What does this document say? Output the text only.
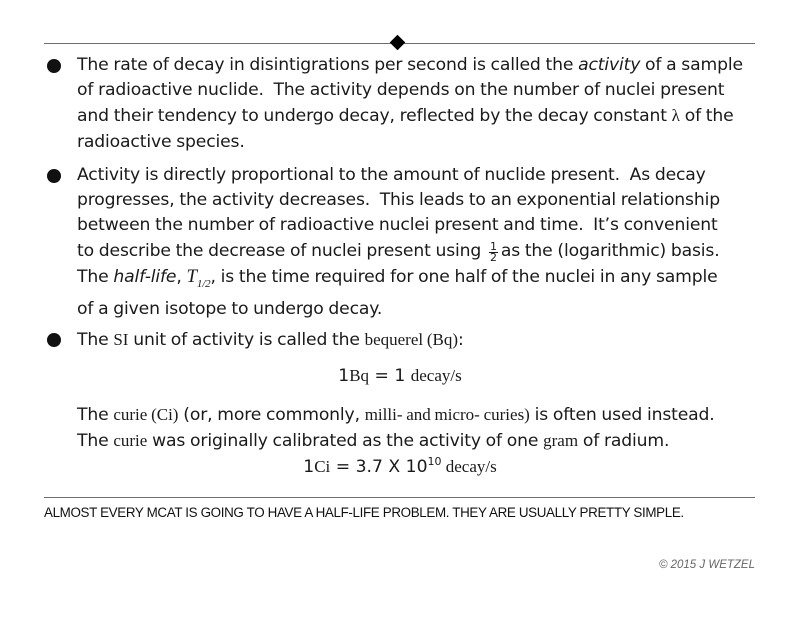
The rate of decay in disintigrations per second is called the activity of a sample
of radioactive nuclide.  The activity depends on the number of nuclei present
and their tendency to undergo decay, reflected by the decay constant λ of the
radioactive species.
Activity is directly proportional to the amount of nuclide present.  As decay
progresses, the activity decreases.  This leads to an exponential relationship
between the number of radioactive nuclei present and time.  It’s convenient
to describe the decrease of nuclei present using $\frac{1}{2}$ as the (logarithmic) basis.
The half-life, $T_{1/2}$, is the time required for one half of the nuclei in any sample
of a given isotope to undergo decay.
The SI unit of activity is called the bequerel (Bq):
1Bq = 1 decay/s
The curie (Ci) (or, more commonly, milli- and micro- curies) is often used instead.
The curie was originally calibrated as the activity of one gram of radium.
1Ci = 3.7 X $10^{10}$ decay/s
ALMOST EVERY MCAT IS GOING TO HAVE A HALF-LIFE PROBLEM. THEY ARE USUALLY PRETTY SIMPLE.
© 2015 J WETZEL
